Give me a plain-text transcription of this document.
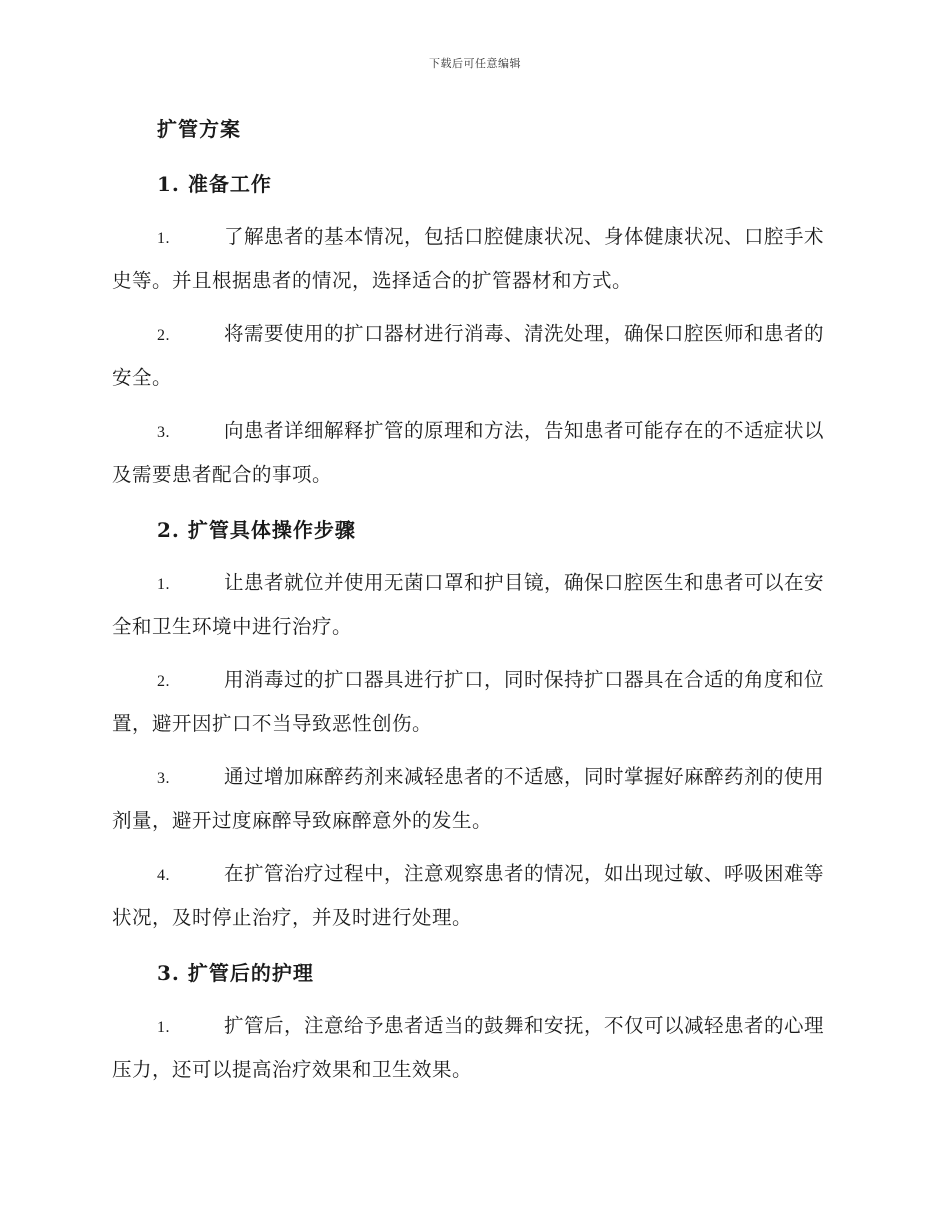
下载后可任意编辑
扩管方案
1. 准备工作
1.	了解患者的基本情况，包括口腔健康状况、身体健康状况、口腔手术史等。并且根据患者的情况，选择适合的扩管器材和方式。
2.	将需要使用的扩口器材进行消毒、清洗处理，确保口腔医师和患者的安全。
3.	向患者详细解释扩管的原理和方法，告知患者可能存在的不适症状以及需要患者配合的事项。
2. 扩管具体操作步骤
1.	让患者就位并使用无菌口罩和护目镜，确保口腔医生和患者可以在安全和卫生环境中进行治疗。
2.	用消毒过的扩口器具进行扩口，同时保持扩口器具在合适的角度和位置，避开因扩口不当导致恶性创伤。
3.	通过增加麻醉药剂来减轻患者的不适感，同时掌握好麻醉药剂的使用剂量，避开过度麻醉导致麻醉意外的发生。
4.	在扩管治疗过程中，注意观察患者的情况，如出现过敏、呼吸困难等状况，及时停止治疗，并及时进行处理。
3. 扩管后的护理
1.	扩管后，注意给予患者适当的鼓舞和安抚，不仅可以减轻患者的心理压力，还可以提高治疗效果和卫生效果。
